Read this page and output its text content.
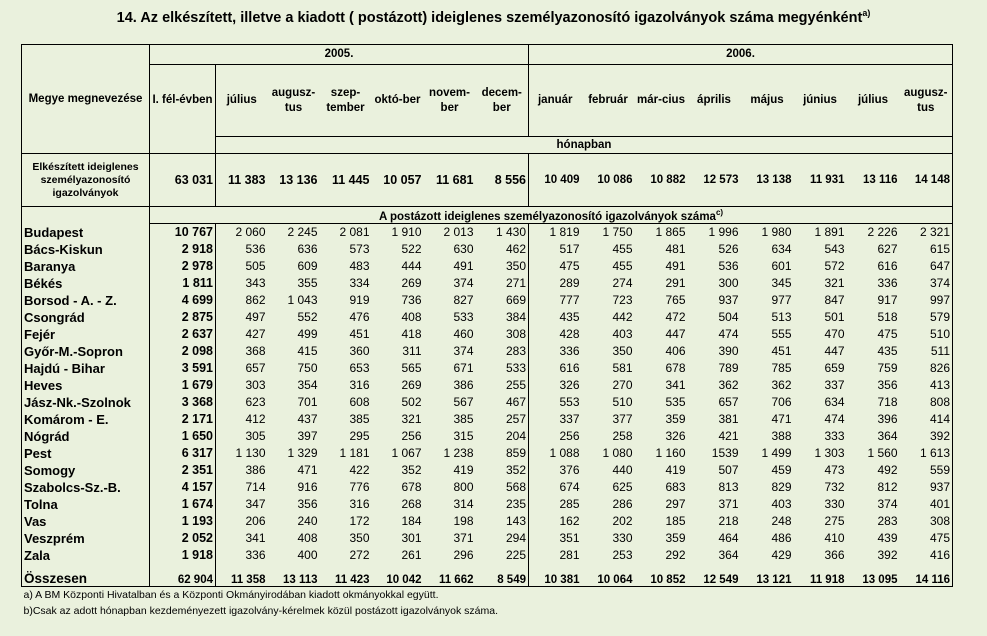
14. Az elkészített, illetve a kiadott ( postázott) ideiglenes személyazonosító igazolványok száma megyénként$^{a)}$
Megye megnevezése	2005.							2006.							
	I. fél-évben	július	augusz-tus	szep-tember	októ-ber	novem-ber	decem-ber	január	február	már-cius	április	május	június	július	augusz-tus
		hónapban													
Elkészített ideiglenes személyazonosító igazolványok	63 031	11 383	13 136	11 445	10 057	11 681	8 556	10 409	10 086	10 882	12 573	13 138	11 931	13 116	14 148
	A postázott ideiglenes személyazonosító igazolványok száma$^{c)}$
Budapest	10 767	2 060	2 245	2 081	1 910	2 013	1 430	1 819	1 750	1 865	1 996	1 980	1 891	2 226	2 321
Bács-Kiskun	2 918	536	636	573	522	630	462	517	455	481	526	634	543	627	615
Baranya	2 978	505	609	483	444	491	350	475	455	491	536	601	572	616	647
Békés	1 811	343	355	334	269	374	271	289	274	291	300	345	321	336	374
Borsod - A. - Z.	4 699	862	1 043	919	736	827	669	777	723	765	937	977	847	917	997
Csongrád	2 875	497	552	476	408	533	384	435	442	472	504	513	501	518	579
Fejér	2 637	427	499	451	418	460	308	428	403	447	474	555	470	475	510
Győr-M.-Sopron	2 098	368	415	360	311	374	283	336	350	406	390	451	447	435	511
Hajdú - Bihar	3 591	657	750	653	565	671	533	616	581	678	789	785	659	759	826
Heves	1 679	303	354	316	269	386	255	326	270	341	362	362	337	356	413
Jász-Nk.-Szolnok	3 368	623	701	608	502	567	467	553	510	535	657	706	634	718	808
Komárom - E.	2 171	412	437	385	321	385	257	337	377	359	381	471	474	396	414
Nógrád	1 650	305	397	295	256	315	204	256	258	326	421	388	333	364	392
Pest	6 317	1 130	1 329	1 181	1 067	1 238	859	1 088	1 080	1 160	1539	1 499	1 303	1 560	1 613
Somogy	2 351	386	471	422	352	419	352	376	440	419	507	459	473	492	559
Szabolcs-Sz.-B.	4 157	714	916	776	678	800	568	674	625	683	813	829	732	812	937
Tolna	1 674	347	356	316	268	314	235	285	286	297	371	403	330	374	401
Vas	1 193	206	240	172	184	198	143	162	202	185	218	248	275	283	308
Veszprém	2 052	341	408	350	301	371	294	351	330	359	464	486	410	439	475
Zala	1 918	336	400	272	261	296	225	281	253	292	364	429	366	392	416
Összesen	62 904	11 358	13 113	11 423	10 042	11 662	8 549	10 381	10 064	10 852	12 549	13 121	11 918	13 095	14 116
a) A BM Központi Hivatalban és a Központi Okmányirodában kiadott okmányokkal együtt.															
b)Csak az adott hónapban kezdeményezett igazolvány-kérelmek közül postázott igazolványok száma.															
